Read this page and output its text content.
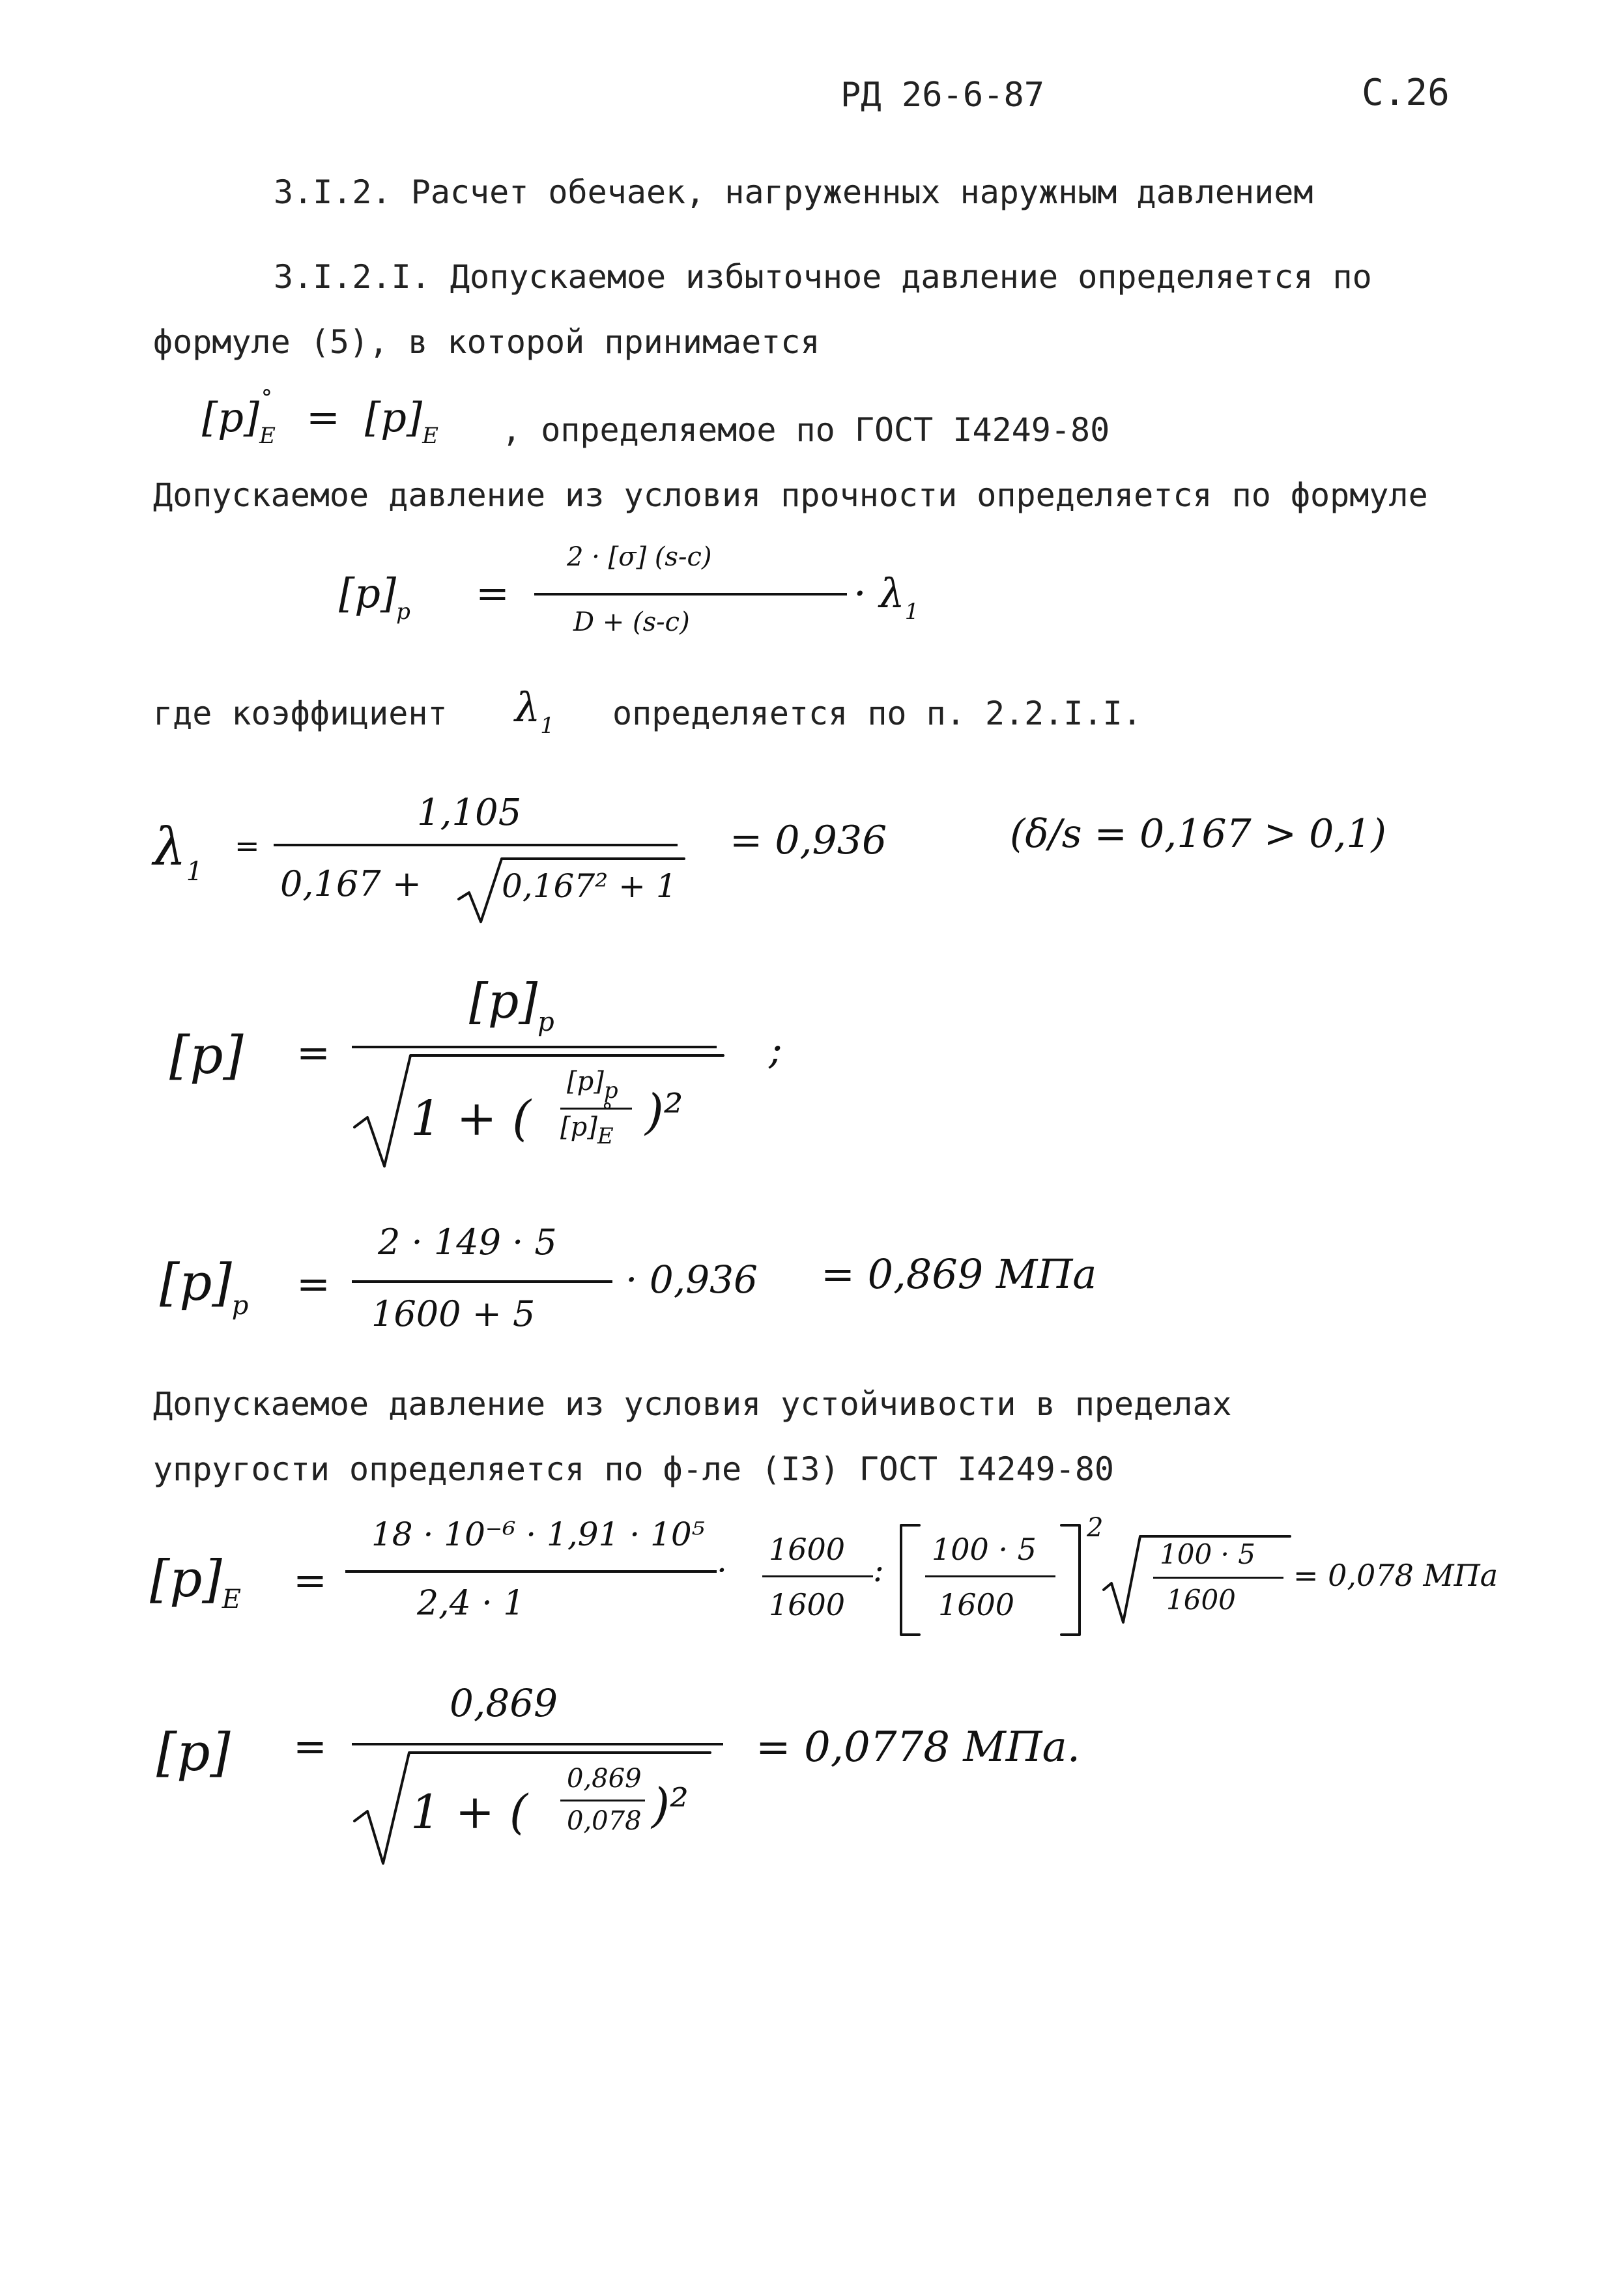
РД 26-6-87	С.26
3.I.2. Расчет обечаек, нагруженных наружным давлением
3.I.2.I. Допускаемое избыточное давление определяется по
формуле (5), в которой принимается
$[p]_E^\circ = [p]_E$ , определяемое по ГОСТ I4249-80
Допускаемое давление из условия прочности определяется по формуле
$[p]_p$ =
2 · [σ] (s-c)
D + (s-c)
· $\lambda_1$
где коэффициент $\lambda_1$ определяется по п. 2.2.I.I.
$\lambda_1$
=
1,105
0,167 + 0,167² + 1
= 0,936	(δ/s = 0,167 > 0,1)
[p] =
$[p]_p$
1 + (
$[p]_p$
$[p]_E^\circ$ )²
;
$[p]_p$ =
2 · 149 · 5
1600 + 5
· 0,936 = 0,869 МПа
Допускаемое давление из условия устойчивости в пределах
упругости определяется по ф-ле (I3) ГОСТ I4249-80
$[p]_E$ =
18 · 10⁻⁶ · 1,91 · 10⁵
2,4 · 1
·
1600
1600
:
100 · 5
1600
2
100 · 5
1600
= 0,078 МПа
[p] =
0,869
1 + (
0,869
0,078 )²
= 0,0778 МПа.
